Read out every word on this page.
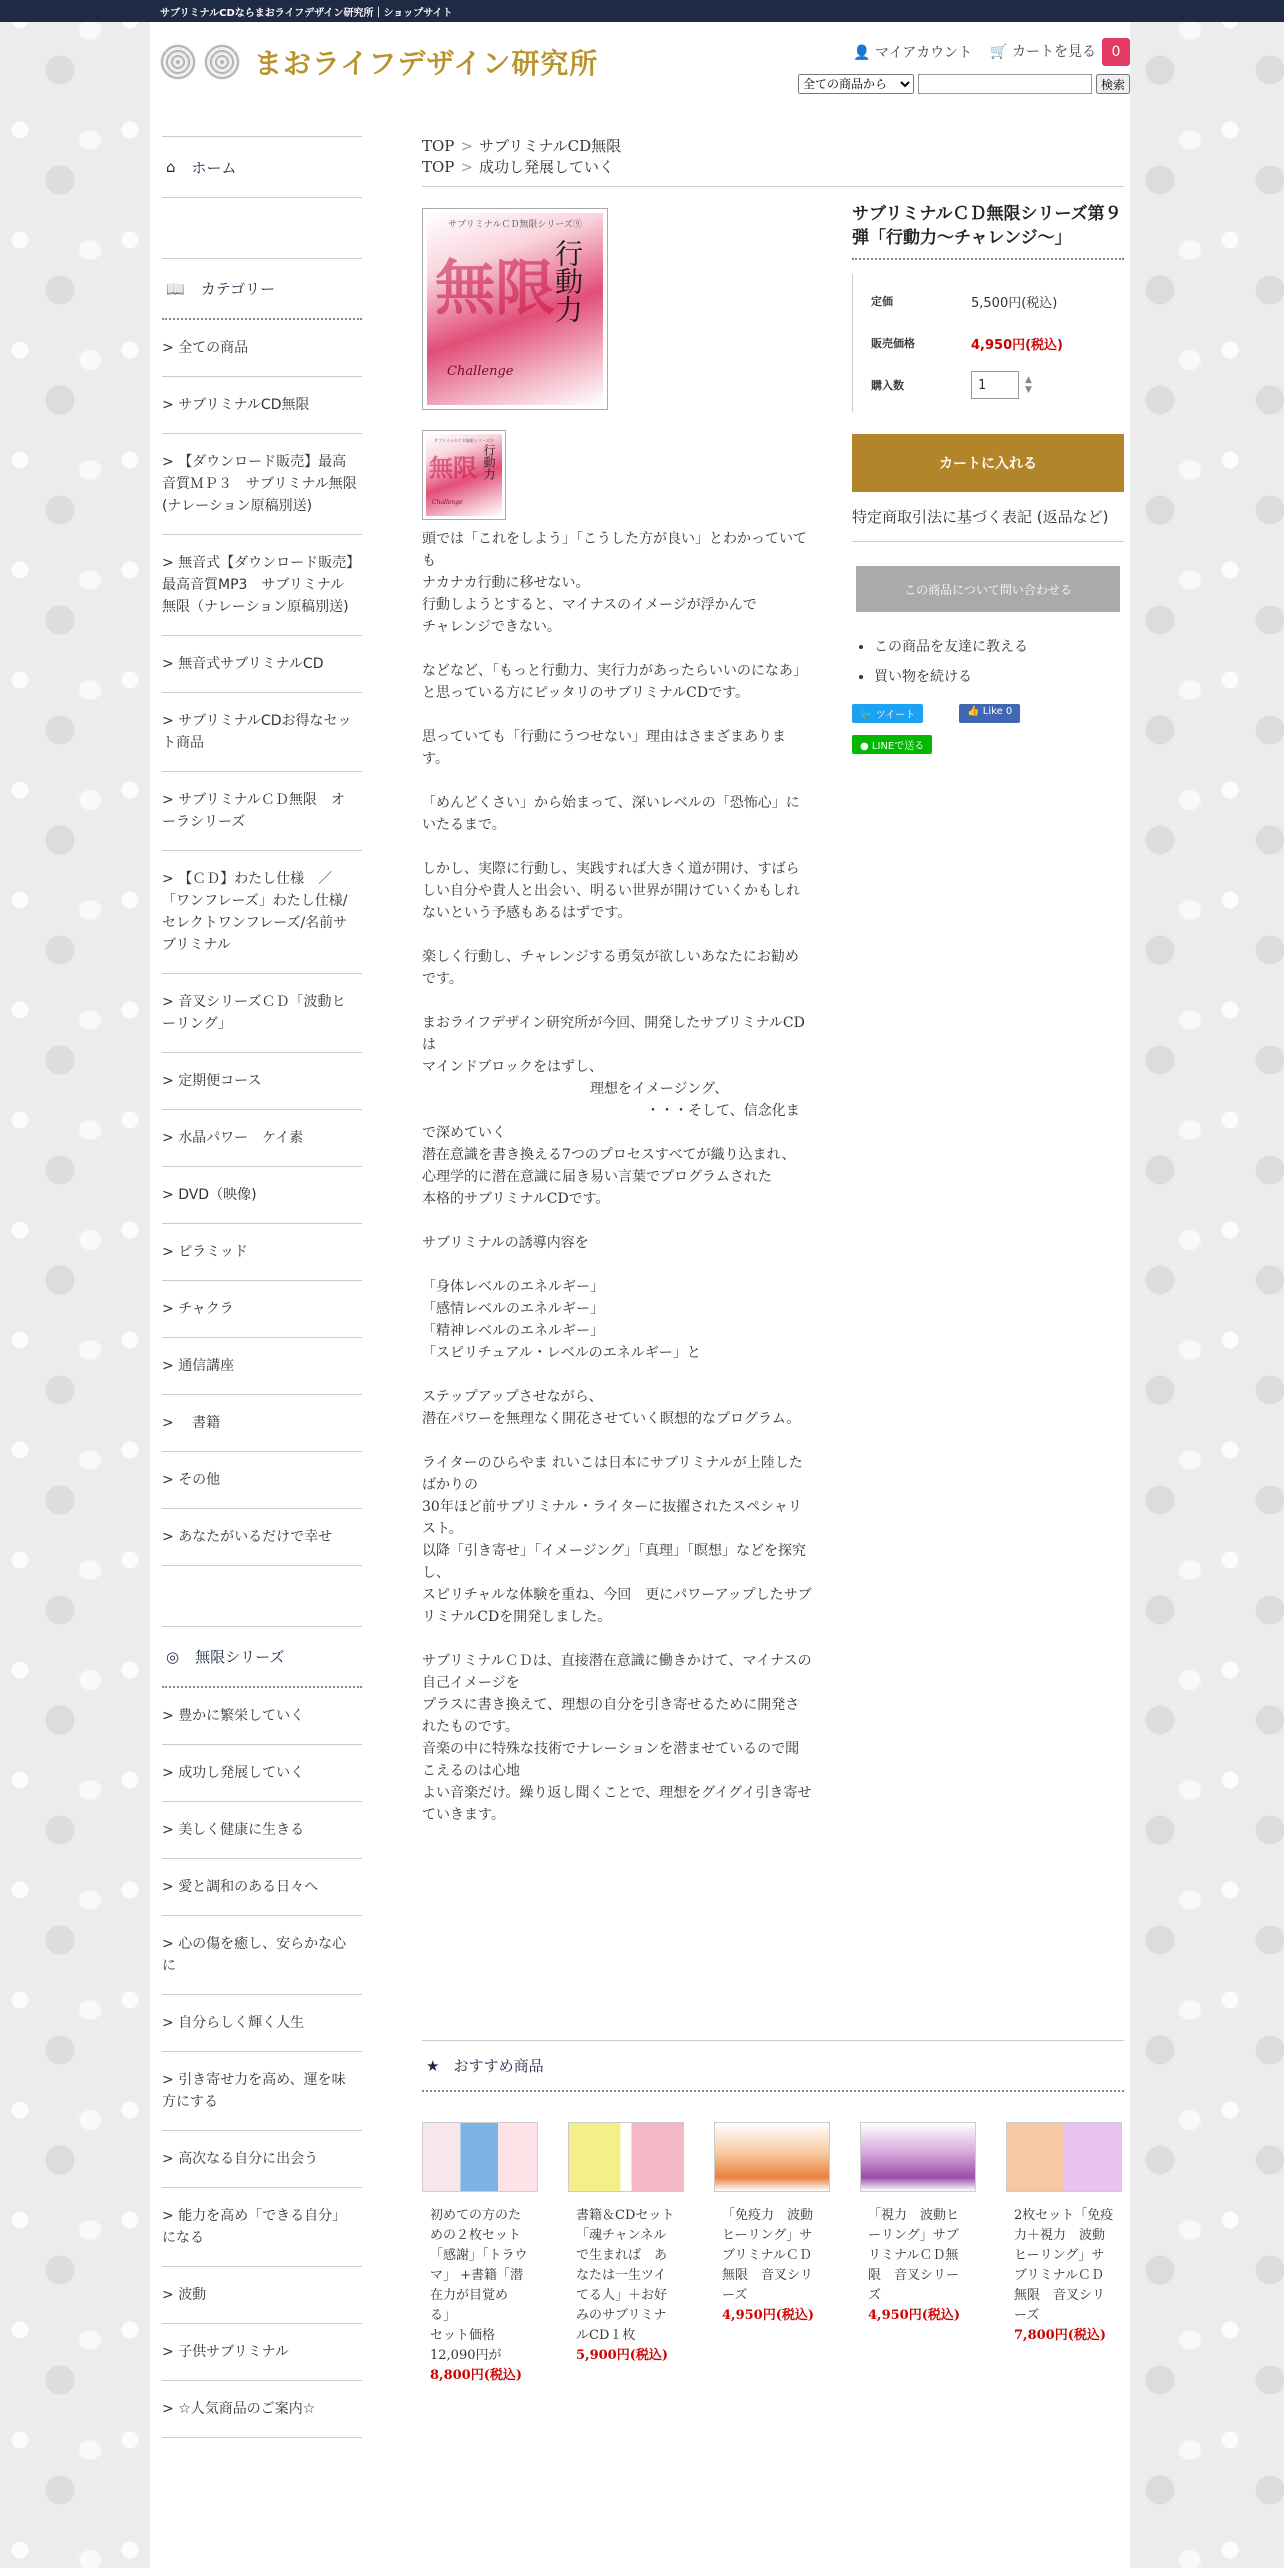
サブリミナルCDならまおライフデザイン研究所｜ショップサイト
まおライフデザイン研究所	👤 マイアカウント 🛒 カートを見る 0
全ての商品から
検索
⌂ ホーム
📖 カテゴリー
> 全ての商品
> サブリミナルCD無限
> 【ダウンロード販売】最高音質ＭＰ３　サブリミナル無限(ナレーション原稿別送)
> 無音式【ダウンロード販売】　最高音質MP3　サブリミナル無限（ナレーション原稿別送)
> 無音式サブリミナルCD
> サブリミナルCDお得なセット商品
> サブリミナルＣＤ無限　オーラシリーズ
> 【ＣＤ】わたし仕様　／「ワンフレーズ」わたし仕様/セレクトワンフレーズ/名前サブリミナル
> 音叉シリーズＣＤ「波動ヒーリング」
> 定期便コース
> 水晶パワー　ケイ素
> DVD（映像)
> ピラミッド
> チャクラ
> 通信講座
> 　書籍
> その他
> あなたがいるだけで幸せ
◎ 無限シリーズ
> 豊かに繁栄していく
> 成功し発展していく
> 美しく健康に生きる
> 愛と調和のある日々へ
> 心の傷を癒し、安らかな心に
> 自分らしく輝く人生
> 引き寄せ力を高め、運を味方にする
> 高次なる自分に出会う
> 能力を高め「できる自分」になる
> 波動
> 子供サブリミナル
> ☆人気商品のご案内☆
TOP > サブリミナルCD無限
TOP > 成功し発展していく
サブリミナルＣＤ無限シリーズ⑨
無限
行動力
Challenge
サブリミナルＣＤ無限シリーズ⑨
無限 行動力
Challenge

頭では「これをしよう」「こうした方が良い」とわかっていても
ナカナカ行動に移せない。
行動しようとすると、マイナスのイメージが浮かんで
チャレンジできない。

などなど、「もっと行動力、実行力があったらいいのになあ」
と思っている方にピッタリのサブリミナルCDです。

思っていても「行動にうつせない」理由はさまざまあります。

「めんどくさい」から始まって、深いレベルの「恐怖心」にいたるまで。

しかし、実際に行動し、実践すれば大きく道が開け、すばらしい自分や貴人と出会い、明るい世界が開けていくかもしれないという予感もあるはずです。

楽しく行動し、チャレンジする勇気が欲しいあなたにお勧めです。

まおライフデザイン研究所が今回、開発したサブリミナルCDは
マインドブロックをはずし、
　　　　　　　　　　　　理想をイメージング、
　　　　　　　　　　　　　　　　・・・そして、信念化まで深めていく
潜在意識を書き換える7つのプロセスすべてが織り込まれ、
心理学的に潜在意識に届き易い言葉でプログラムされた
本格的サブリミナルCDです。

サブリミナルの誘導内容を

「身体レベルのエネルギー」
「感情レベルのエネルギー」
「精神レベルのエネルギー」
「スピリチュアル・レベルのエネルギー」と

ステップアップさせながら、
潜在パワーを無理なく開花させていく瞑想的なプログラム。

ライターのひらやま れいこは日本にサブリミナルが上陸したばかりの
30年ほど前サブリミナル・ライターに抜擢されたスペシャリスト。
以降「引き寄せ」「イメージング」「真理」「瞑想」などを探究し、
スピリチャルな体験を重ね、今回　更にパワーアップしたサブリミナルCDを開発しました。

サブリミナルＣＤは、直接潜在意識に働きかけて、マイナスの自己イメージを
プラスに書き換えて、理想の自分を引き寄せるために開発されたものです。
音楽の中に特殊な技術でナレーションを潜ませているので聞こえるのは心地
よい音楽だけ。繰り返し聞くことで、理想をグイグイ引き寄せていきます。

サブリミナルＣＤ無限シリーズ第９弾「行動力～チャレンジ～」
定価	5,500円(税込)
販売価格	4,950円(税込)
購入数	1	▲
▼
カートに入れる
特定商取引法に基づく表記 (返品など)
この商品について問い合わせる
• この商品を友達に教える
• 買い物を続ける
🐦 ツイート	👍 Like 0
● LINEで送る
★ おすすめ商品
初めての方のための２枚セット「感謝」「トラウマ」 +書籍「潜在力が目覚める」
セット価格
12,090円が
8,800円(税込)
書籍＆CDセット「魂チャンネルで生まれば　あなたは一生ツイてる人」＋お好みのサブリミナルCD１枚
5,900円(税込)
「免疫力　波動ヒーリング」サブリミナルＣＤ無限　音叉シリーズ
4,950円(税込)
「視力　波動ヒーリング」サブリミナルＣＤ無限　音叉シリーズ
4,950円(税込)
2枚セット「免疫力＋視力　波動ヒーリング」サブリミナルＣＤ無限　音叉シリーズ
7,800円(税込)
